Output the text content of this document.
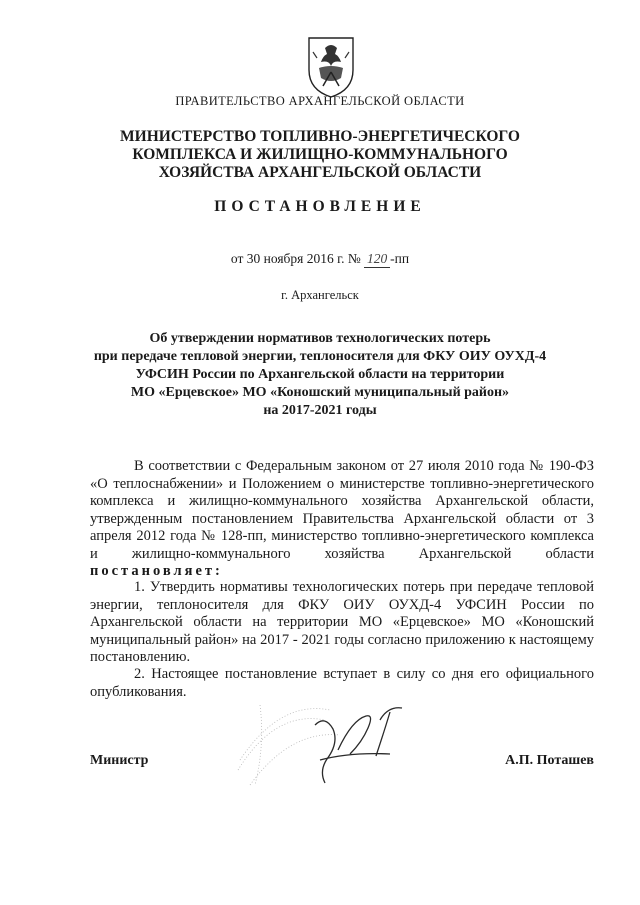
ПРАВИТЕЛЬСТВО АРХАНГЕЛЬСКОЙ ОБЛАСТИ
МИНИСТЕРСТВО ТОПЛИВНО-ЭНЕРГЕТИЧЕСКОГО
КОМПЛЕКСА И ЖИЛИЩНО-КОММУНАЛЬНОГО
ХОЗЯЙСТВА АРХАНГЕЛЬСКОЙ ОБЛАСТИ
ПОСТАНОВЛЕНИЕ
от 30 ноября 2016 г. № 120 -пп
г. Архангельск
Об утверждении нормативов технологических потерь
при передаче тепловой энергии, теплоносителя для ФКУ ОИУ ОУХД-4
УФСИН России по Архангельской области на территории
МО «Ерцевское» МО «Коношский муниципальный район»
на 2017-2021 годы

В соответствии с Федеральным законом от 27 июля 2010 года № 190-ФЗ «О теплоснабжении» и Положением о министерстве топливно-энергетического комплекса и жилищно-коммунального хозяйства Архангельской области, утвержденным постановлением Правительства Архангельской области от 3 апреля 2012 года № 128-пп, министерство топливно-энергетического комплекса и жилищно-коммунального хозяйства Архангельской области постановляет:

1. Утвердить нормативы технологических потерь при передаче тепловой энергии, теплоносителя для ФКУ ОИУ ОУХД-4 УФСИН России по Архангельской области на территории МО «Ерцевское» МО «Коношский муниципальный район» на 2017 - 2021 годы согласно приложению к настоящему постановлению.

2. Настоящее постановление вступает в силу со дня его официального опубликования.

Министр	А.П. Поташев
